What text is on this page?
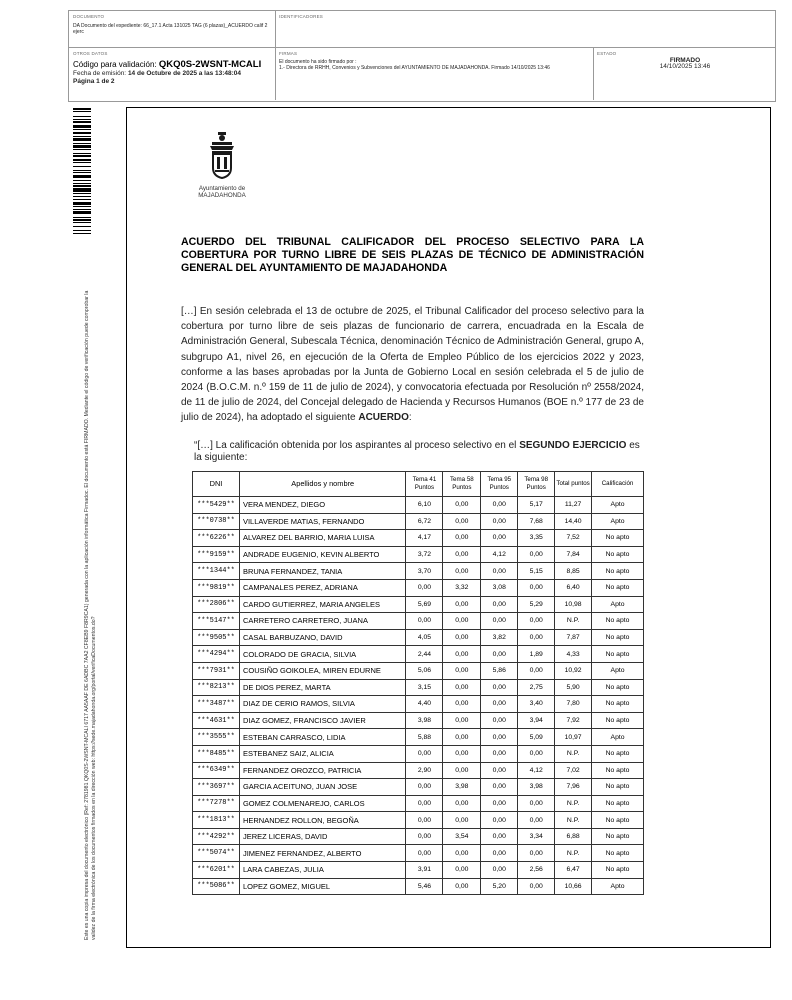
DOCUMENTO
DA Documento del expediente: 66_17.1 Acta 131025 TAG (6 plazas)_ACUERDO calif 2 ejerc
IDENTIFICADORES
OTROS DATOS
Código para validación: QKQ0S-2WSNT-MCALI
Fecha de emisión: 14 de Octubre de 2025 a las 13:48:04
Página 1 de 2
FIRMAS
El documento ha sido firmado por :
1.- Directora de RRHH, Convenios y Subvenciones del AYUNTAMIENTO DE MAJADAHONDA. Firmado 14/10/2025 13:46
ESTADO
FIRMADO
14/10/2025 13:46
Este es una copia impresa del documento electrónico (Ref: 2781981 QKQ0S-2WSNT-MCALI 6717 AA5AAF DE 6ADBC 7AA2 CF8EB9 F8R9CA1) generada con la aplicación informática Firmadoc. El documento está FIRMADO. Mediante el código de verificación puede comprobar la validez de la firma electrónica de los documentos firmados en la dirección web: https://sede.majadahonda.org/portal/verificaDocumentos.do?
Ayuntamiento de
MAJADAHONDA
ACUERDO DEL TRIBUNAL CALIFICADOR DEL PROCESO SELECTIVO PARA LA COBERTURA POR TURNO LIBRE DE SEIS PLAZAS DE TÉCNICO DE ADMINISTRACIÓN GENERAL DEL AYUNTAMIENTO DE MAJADAHONDA
[…] En sesión celebrada el 13 de octubre de 2025, el Tribunal Calificador del proceso selectivo para la cobertura por turno libre de seis plazas de funcionario de carrera, encuadrada en la Escala de Administración General, Subescala Técnica, denominación Técnico de Administración General, grupo A, subgrupo A1, nivel 26, en ejecución de la Oferta de Empleo Público de los ejercicios 2022 y 2023, conforme a las bases aprobadas por la Junta de Gobierno Local en sesión celebrada el 5 de julio de 2024 (B.O.C.M. n.º 159 de 11 de julio de 2024), y convocatoria efectuada por Resolución nº 2558/2024, de 11 de julio de 2024, del Concejal delegado de Hacienda y Recursos Humanos (BOE n.º 177 de 23 de julio de 2024), ha adoptado el siguiente ACUERDO:
“[…] La calificación obtenida por los aspirantes al proceso selectivo en el SEGUNDO EJERCICIO es la siguiente:
DNI	Apellidos y nombre	Tema 41 Puntos	Tema 58 Puntos	Tema 95 Puntos	Tema 98 Puntos	Total puntos	Calificación
***5429**	VERA MENDEZ, DIEGO	6,10	0,00	0,00	5,17	11,27	Apto
***0738**	VILLAVERDE MATIAS, FERNANDO	6,72	0,00	0,00	7,68	14,40	Apto
***6226**	ALVAREZ DEL BARRIO, MARIA LUISA	4,17	0,00	0,00	3,35	7,52	No apto
***9159**	ANDRADE EUGENIO, KEVIN ALBERTO	3,72	0,00	4,12	0,00	7,84	No apto
***1344**	BRUNA FERNANDEZ, TANIA	3,70	0,00	0,00	5,15	8,85	No apto
***9819**	CAMPANALES PEREZ, ADRIANA	0,00	3,32	3,08	0,00	6,40	No apto
***2806**	CARDO GUTIERREZ, MARIA ANGELES	5,69	0,00	0,00	5,29	10,98	Apto
***5147**	CARRETERO CARRETERO, JUANA	0,00	0,00	0,00	0,00	N.P.	No apto
***9505**	CASAL BARBUZANO, DAVID	4,05	0,00	3,82	0,00	7,87	No apto
***4294**	COLORADO DE GRACIA, SILVIA	2,44	0,00	0,00	1,89	4,33	No apto
***7931**	COUSIÑO GOIKOLEA, MIREN EDURNE	5,06	0,00	5,86	0,00	10,92	Apto
***8213**	DE DIOS PEREZ, MARTA	3,15	0,00	0,00	2,75	5,90	No apto
***3487**	DIAZ DE CERIO RAMOS, SILVIA	4,40	0,00	0,00	3,40	7,80	No apto
***4631**	DIAZ GOMEZ, FRANCISCO JAVIER	3,98	0,00	0,00	3,94	7,92	No apto
***3555**	ESTEBAN CARRASCO, LIDIA	5,88	0,00	0,00	5,09	10,97	Apto
***8485**	ESTEBANEZ SAIZ, ALICIA	0,00	0,00	0,00	0,00	N.P.	No apto
***6349**	FERNANDEZ OROZCO, PATRICIA	2,90	0,00	0,00	4,12	7,02	No apto
***3697**	GARCIA ACEITUNO, JUAN JOSE	0,00	3,98	0,00	3,98	7,96	No apto
***7278**	GOMEZ COLMENAREJO, CARLOS	0,00	0,00	0,00	0,00	N.P.	No apto
***1813**	HERNANDEZ ROLLON, BEGOÑA	0,00	0,00	0,00	0,00	N.P.	No apto
***4292**	JEREZ LICERAS, DAVID	0,00	3,54	0,00	3,34	6,88	No apto
***5074**	JIMENEZ FERNANDEZ, ALBERTO	0,00	0,00	0,00	0,00	N.P.	No apto
***6201**	LARA CABEZAS, JULIA	3,91	0,00	0,00	2,56	6,47	No apto
***5086**	LOPEZ GOMEZ, MIGUEL	5,46	0,00	5,20	0,00	10,66	Apto
